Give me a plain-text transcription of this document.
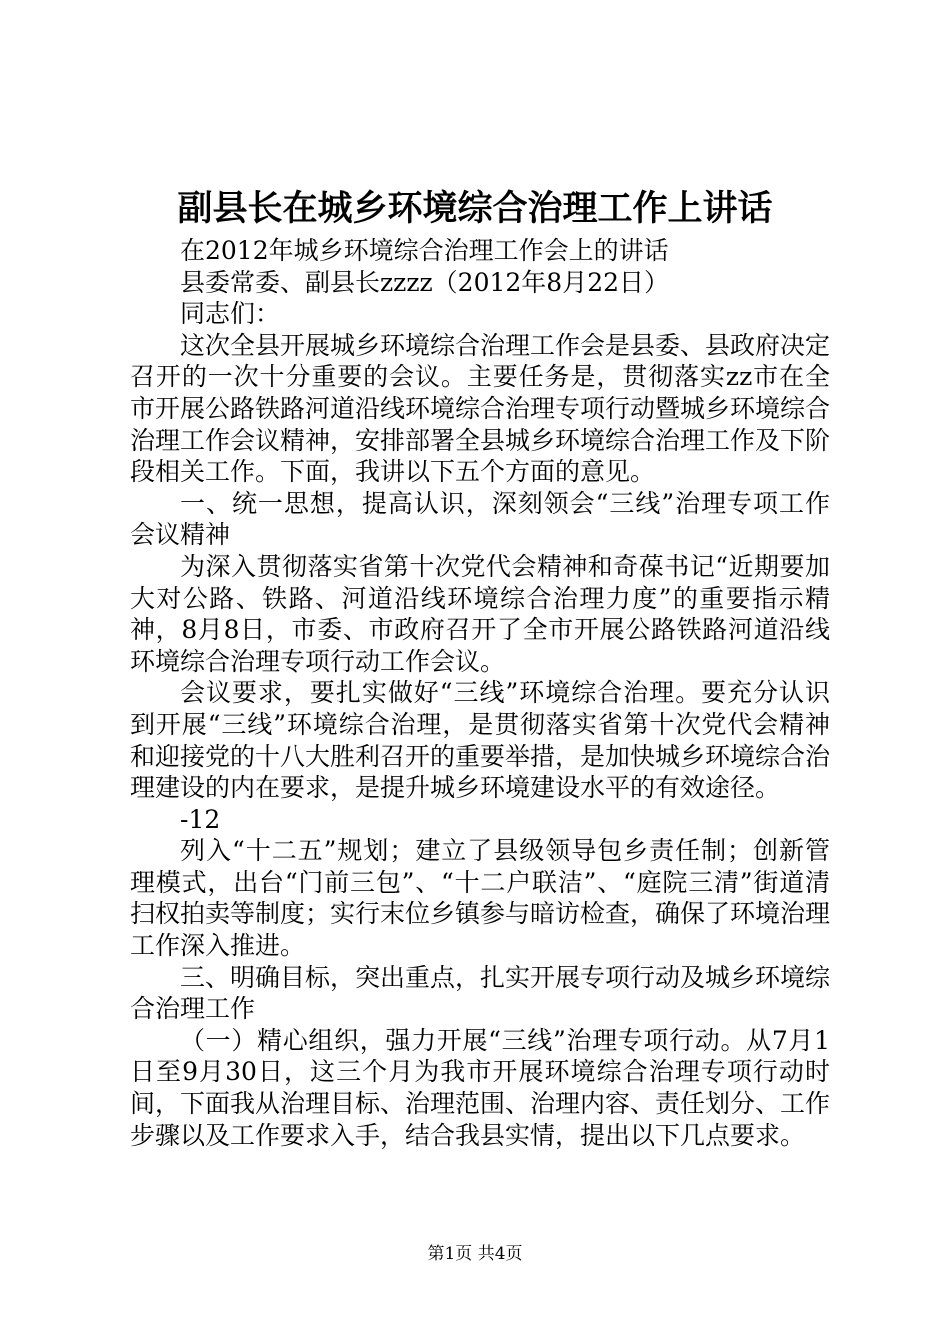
副县长在城乡环境综合治理工作上讲话

在2012年城乡环境综合治理工作会上的讲话

县委常委、副县长zzzz（2012年8月22日）

同志们：

这次全县开展城乡环境综合治理工作会是县委、县政府决定召开的一次十分重要的会议。主要任务是，贯彻落实zz市在全市开展公路铁路河道沿线环境综合治理专项行动暨城乡环境综合治理工作会议精神，安排部署全县城乡环境综合治理工作及下阶段相关工作。下面，我讲以下五个方面的意见。

一、统一思想，提高认识，深刻领会“三线”治理专项工作会议精神

为深入贯彻落实省第十次党代会精神和奇葆书记“近期要加大对公路、铁路、河道沿线环境综合治理力度”的重要指示精神，8月8日，市委、市政府召开了全市开展公路铁路河道沿线环境综合治理专项行动工作会议。

会议要求，要扎实做好“三线”环境综合治理。要充分认识到开展“三线”环境综合治理，是贯彻落实省第十次党代会精神和迎接党的十八大胜利召开的重要举措，是加快城乡环境综合治理建设的内在要求，是提升城乡环境建设水平的有效途径。

-12

列入“十二五”规划；建立了县级领导包乡责任制；创新管理模式，出台“门前三包”、“十二户联洁”、“庭院三清”街道清扫权拍卖等制度；实行末位乡镇参与暗访检查，确保了环境治理工作深入推进。

三、明确目标，突出重点，扎实开展专项行动及城乡环境综合治理工作

（一）精心组织，强力开展“三线”治理专项行动。从7月1日至9月30日，这三个月为我市开展环境综合治理专项行动时间，下面我从治理目标、治理范围、治理内容、责任划分、工作步骤以及工作要求入手，结合我县实情，提出以下几点要求。

第1页 共4页
